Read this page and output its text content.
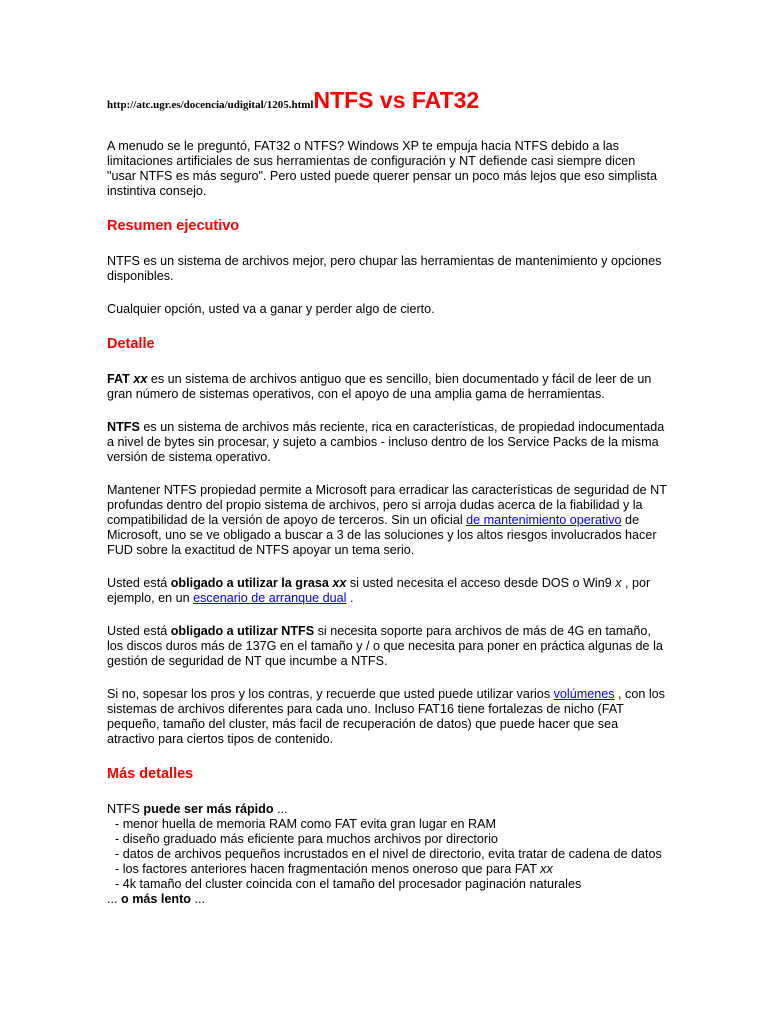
http://atc.ugr.es/docencia/udigital/1205.htmlNTFS vs FAT32

A menudo se le preguntó, FAT32 o NTFS? Windows XP te empuja hacia NTFS debido a las limitaciones artificiales de sus herramientas de configuración y NT defiende casi siempre dicen "usar NTFS es más seguro". Pero usted puede querer pensar un poco más lejos que eso simplista instintiva consejo.

Resumen ejecutivo

NTFS es un sistema de archivos mejor, pero chupar las herramientas de mantenimiento y opciones disponibles.

Cualquier opción, usted va a ganar y perder algo de cierto.

Detalle

FAT xx es un sistema de archivos antiguo que es sencillo, bien documentado y fácil de leer de un gran número de sistemas operativos, con el apoyo de una amplia gama de herramientas.

NTFS es un sistema de archivos más reciente, rica en características, de propiedad indocumentada a nivel de bytes sin procesar, y sujeto a cambios - incluso dentro de los Service Packs de la misma versión de sistema operativo.

Mantener NTFS propiedad permite a Microsoft para erradicar las características de seguridad de NT profundas dentro del propio sistema de archivos, pero si arroja dudas acerca de la fiabilidad y la compatibilidad de la versión de apoyo de terceros. Sin un oficial de mantenimiento operativo de Microsoft, uno se ve obligado a buscar a 3 de las soluciones y los altos riesgos involucrados hacer FUD sobre la exactitud de NTFS apoyar un tema serio.

Usted está obligado a utilizar la grasa xx si usted necesita el acceso desde DOS o Win9 x , por ejemplo, en un escenario de arranque dual .

Usted está obligado a utilizar NTFS si necesita soporte para archivos de más de 4G en tamaño, los discos duros más de 137G en el tamaño y / o que necesita para poner en práctica algunas de la gestión de seguridad de NT que incumbe a NTFS.

Si no, sopesar los pros y los contras, y recuerde que usted puede utilizar varios volúmenes , con los sistemas de archivos diferentes para cada uno. Incluso FAT16 tiene fortalezas de nicho (FAT pequeño, tamaño del cluster, más facil de recuperación de datos) que puede hacer que sea atractivo para ciertos tipos de contenido.

Más detalles
NTFS puede ser más rápido ...
- menor huella de memoria RAM como FAT evita gran lugar en RAM
- diseño graduado más eficiente para muchos archivos por directorio
- datos de archivos pequeños incrustados en el nivel de directorio, evita tratar de cadena de datos
- los factores anteriores hacen fragmentación menos oneroso que para FAT xx
- 4k tamaño del cluster coincida con el tamaño del procesador paginación naturales
... o más lento ...
